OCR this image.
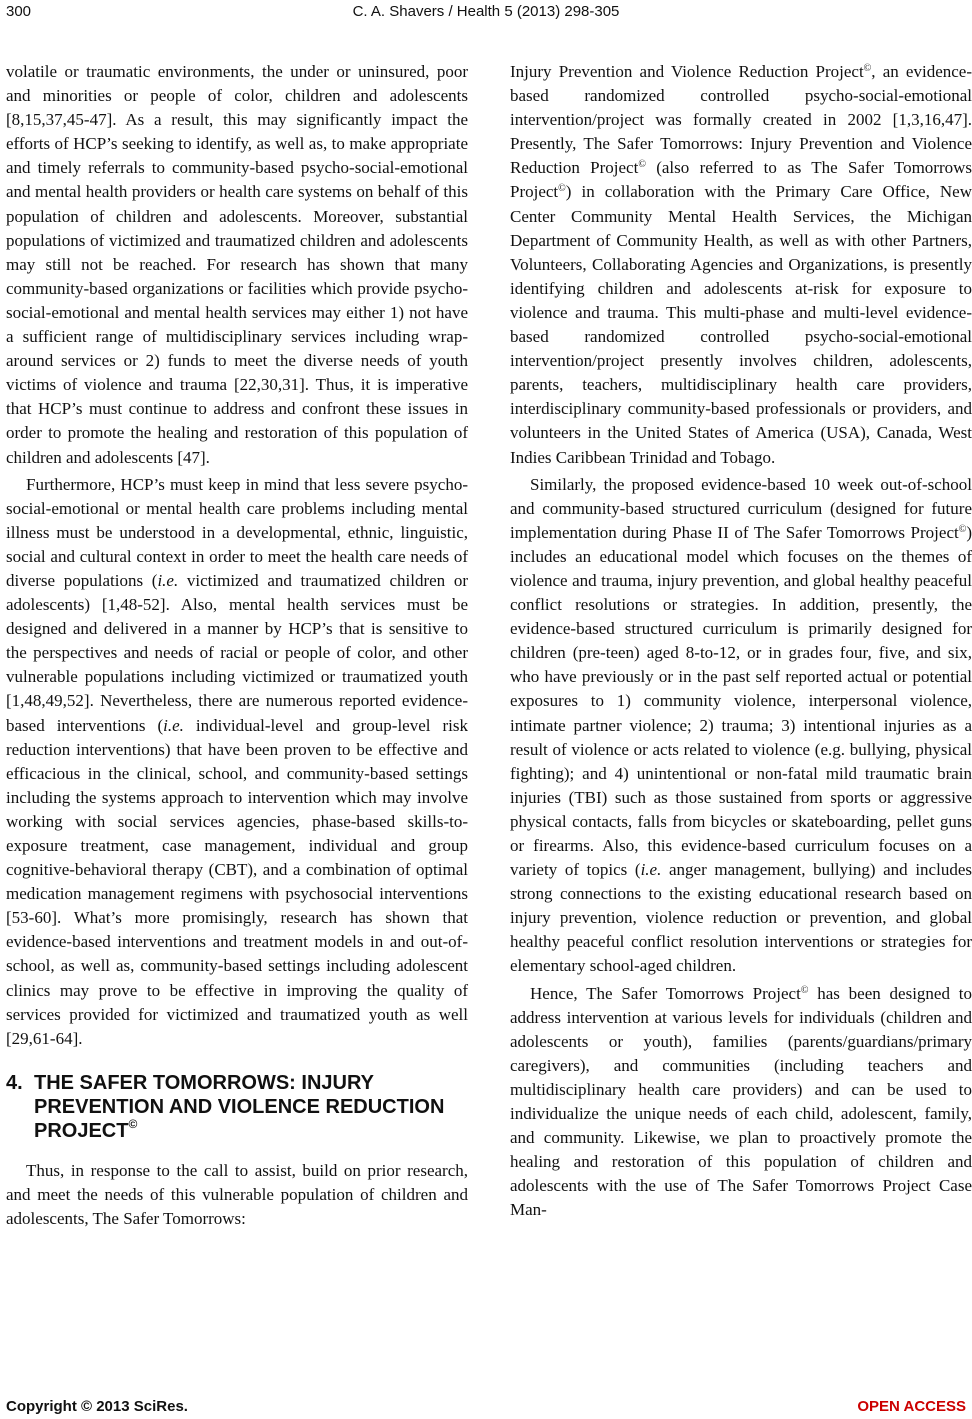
300	C. A. Shavers / Health 5 (2013) 298-305

volatile or traumatic environments, the under or uninsured, poor and minorities or people of color, children and adolescents [8,15,37,45-47]. As a result, this may significantly impact the efforts of HCP’s seeking to identify, as well as, to make appropriate and timely referrals to community-based psycho-social-emotional and mental health providers or health care systems on behalf of this population of children and adolescents. Moreover, substantial populations of victimized and traumatized children and adolescents may still not be reached. For research has shown that many community-based organizations or facilities which provide psycho-social-emotional and mental health services may either 1) not have a sufficient range of multidisciplinary services including wrap-around services or 2) funds to meet the diverse needs of youth victims of violence and trauma [22,30,31]. Thus, it is imperative that HCP’s must continue to address and confront these issues in order to promote the healing and restoration of this population of children and adolescents [47].

Furthermore, HCP’s must keep in mind that less severe psycho-social-emotional or mental health care problems including mental illness must be understood in a developmental, ethnic, linguistic, social and cultural context in order to meet the health care needs of diverse populations (i.e. victimized and traumatized children or adolescents) [1,48-52]. Also, mental health services must be designed and delivered in a manner by HCP’s that is sensitive to the perspectives and needs of racial or people of color, and other vulnerable populations including victimized or traumatized youth [1,48,49,52]. Nevertheless, there are numerous reported evidence-based interventions (i.e. individual-level and group-level risk reduction interventions) that have been proven to be effective and efficacious in the clinical, school, and community-based settings including the systems approach to intervention which may involve working with social services agencies, phase-based skills-to-exposure treatment, case management, individual and group cognitive-behavioral therapy (CBT), and a combination of optimal medication management regimens with psychosocial interventions [53-60]. What’s more promisingly, research has shown that evidence-based interventions and treatment models in and out-of-school, as well as, community-based settings including adolescent clinics may prove to be effective in improving the quality of services provided for victimized and traumatized youth as well [29,61-64].

4. THE SAFER TOMORROWS: INJURY PREVENTION AND VIOLENCE REDUCTION PROJECT©

Thus, in response to the call to assist, build on prior research, and meet the needs of this vulnerable population of children and adolescents, The Safer Tomorrows:

Injury Prevention and Violence Reduction Project©, an evidence-based randomized controlled psycho-social-emotional intervention/project was formally created in 2002 [1,3,16,47]. Presently, The Safer Tomorrows: Injury Prevention and Violence Reduction Project© (also referred to as The Safer Tomorrows Project©) in collaboration with the Primary Care Office, New Center Community Mental Health Services, the Michigan Department of Community Health, as well as with other Partners, Volunteers, Collaborating Agencies and Organizations, is presently identifying children and adolescents at-risk for exposure to violence and trauma. This multi-phase and multi-level evidence-based randomized controlled psycho-social-emotional intervention/project presently involves children, adolescents, parents, teachers, multidisciplinary health care providers, interdisciplinary community-based professionals or providers, and volunteers in the United States of America (USA), Canada, West Indies Caribbean Trinidad and Tobago.

Similarly, the proposed evidence-based 10 week out-of-school and community-based structured curriculum (designed for future implementation during Phase II of The Safer Tomorrows Project©) includes an educational model which focuses on the themes of violence and trauma, injury prevention, and global healthy peaceful conflict resolutions or strategies. In addition, presently, the evidence-based structured curriculum is primarily designed for children (pre-teen) aged 8-to-12, or in grades four, five, and six, who have previously or in the past self reported actual or potential exposures to 1) community violence, interpersonal violence, intimate partner violence; 2) trauma; 3) intentional injuries as a result of violence or acts related to violence (e.g. bullying, physical fighting); and 4) unintentional or non-fatal mild traumatic brain injuries (TBI) such as those sustained from sports or aggressive physical contacts, falls from bicycles or skateboarding, pellet guns or firearms. Also, this evidence-based curriculum focuses on a variety of topics (i.e. anger management, bullying) and includes strong connections to the existing educational research based on injury prevention, violence reduction or prevention, and global healthy peaceful conflict resolution interventions or strategies for elementary school-aged children.

Hence, The Safer Tomorrows Project© has been designed to address intervention at various levels for individuals (children and adolescents or youth), families (parents/guardians/primary caregivers), and communities (including teachers and multidisciplinary health care providers) and can be used to individualize the unique needs of each child, adolescent, family, and community. Likewise, we plan to proactively promote the healing and restoration of this population of children and adolescents with the use of The Safer Tomorrows Project Case Man-

Copyright © 2013 SciRes.	OPEN ACCESS
